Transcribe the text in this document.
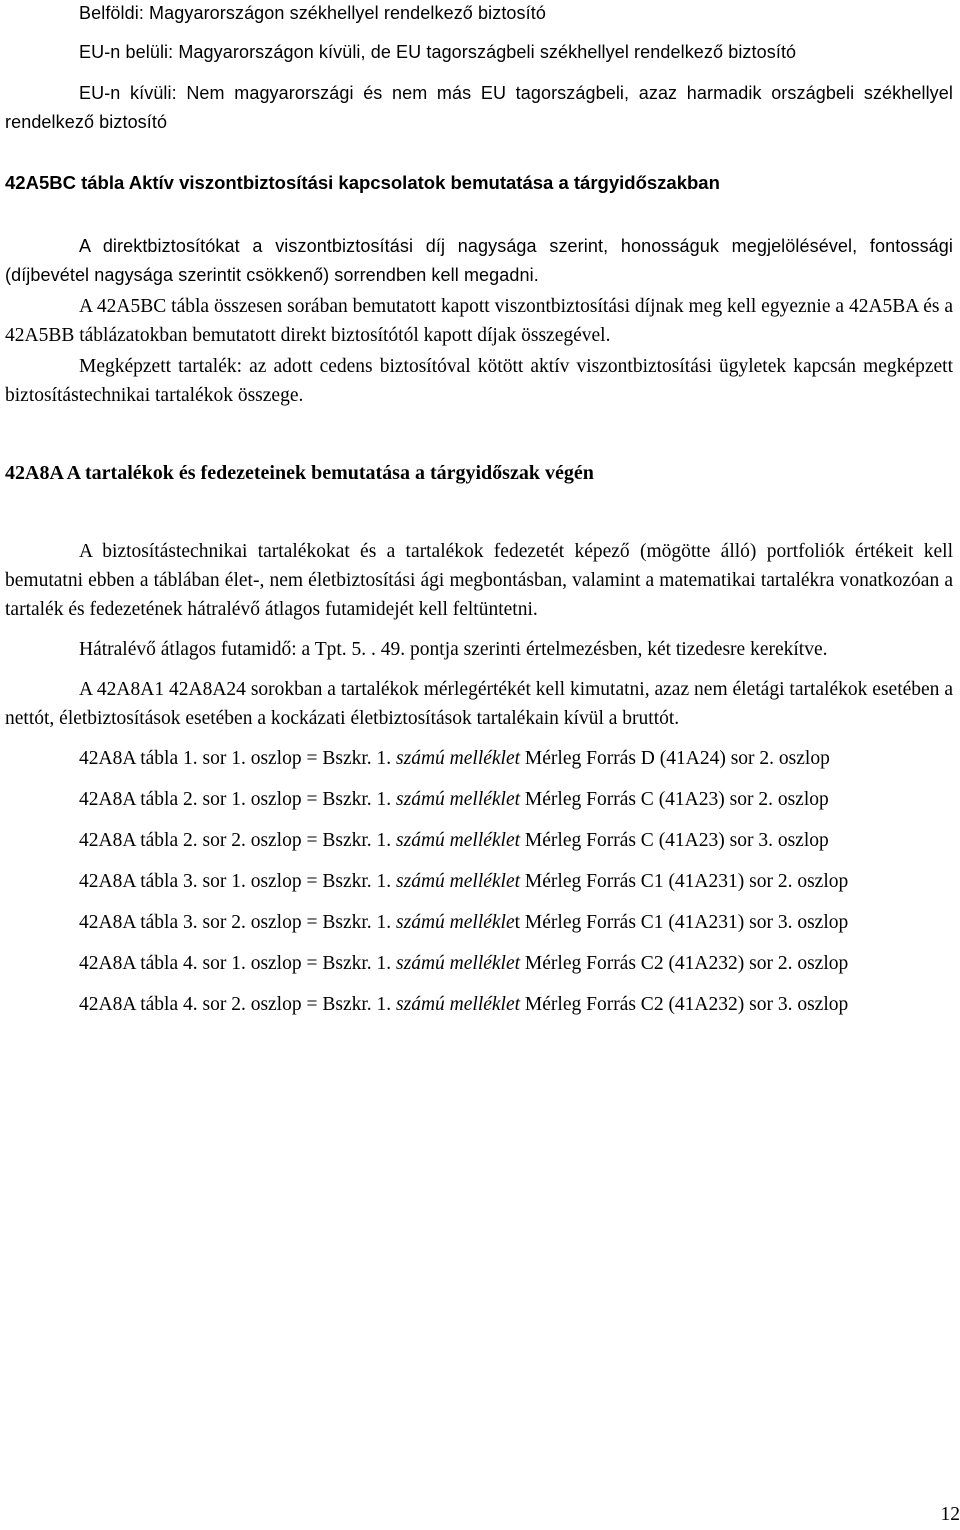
Belföldi: Magyarországon székhellyel rendelkező biztosító

EU-n belüli: Magyarországon kívüli, de EU tagországbeli székhellyel rendelkező biztosító

EU-n kívüli: Nem magyarországi és nem más EU tagországbeli, azaz harmadik országbeli székhellyel rendelkező biztosító

42A5BC tábla Aktív viszontbiztosítási kapcsolatok bemutatása a tárgyidőszakban

A direktbiztosítókat a viszontbiztosítási díj nagysága szerint, honosságuk megjelölésével, fontossági (díjbevétel nagysága szerintit csökkenő) sorrendben kell megadni.

A 42A5BC tábla összesen sorában bemutatott kapott viszontbiztosítási díjnak meg kell egyeznie a 42A5BA és a 42A5BB táblázatokban bemutatott direkt biztosítótól kapott díjak összegével.

Megképzett tartalék: az adott cedens biztosítóval kötött aktív viszontbiztosítási ügyletek kapcsán megképzett biztosítástechnikai tartalékok összege.

42A8A A tartalékok és fedezeteinek bemutatása a tárgyidőszak végén

A biztosítástechnikai tartalékokat és a tartalékok fedezetét képező (mögötte álló) portfoliók értékeit kell bemutatni ebben a táblában élet-, nem életbiztosítási ági megbontásban, valamint a matematikai tartalékra vonatkozóan a tartalék és fedezetének hátralévő átlagos futamidejét kell feltüntetni.

Hátralévő átlagos futamidő: a Tpt. 5. . 49. pontja szerinti értelmezésben, két tizedesre kerekítve.

A 42A8A1 42A8A24 sorokban a tartalékok mérlegértékét kell kimutatni, azaz nem életági tartalékok esetében a nettót, életbiztosítások esetében a kockázati életbiztosítások tartalékain kívül a bruttót.

42A8A tábla 1. sor 1. oszlop = Bszkr. 1. számú melléklet Mérleg Forrás D (41A24) sor 2. oszlop

42A8A tábla 2. sor 1. oszlop = Bszkr. 1. számú melléklet Mérleg Forrás C (41A23) sor 2. oszlop

42A8A tábla 2. sor 2. oszlop = Bszkr. 1. számú melléklet Mérleg Forrás C (41A23) sor 3. oszlop

42A8A tábla 3. sor 1. oszlop = Bszkr. 1. számú melléklet Mérleg Forrás C1 (41A231) sor 2. oszlop

42A8A tábla 3. sor 2. oszlop = Bszkr. 1. számú melléklet Mérleg Forrás C1 (41A231) sor 3. oszlop

42A8A tábla 4. sor 1. oszlop = Bszkr. 1. számú melléklet Mérleg Forrás C2 (41A232) sor 2. oszlop

42A8A tábla 4. sor 2. oszlop = Bszkr. 1. számú melléklet Mérleg Forrás C2 (41A232) sor 3. oszlop

12
